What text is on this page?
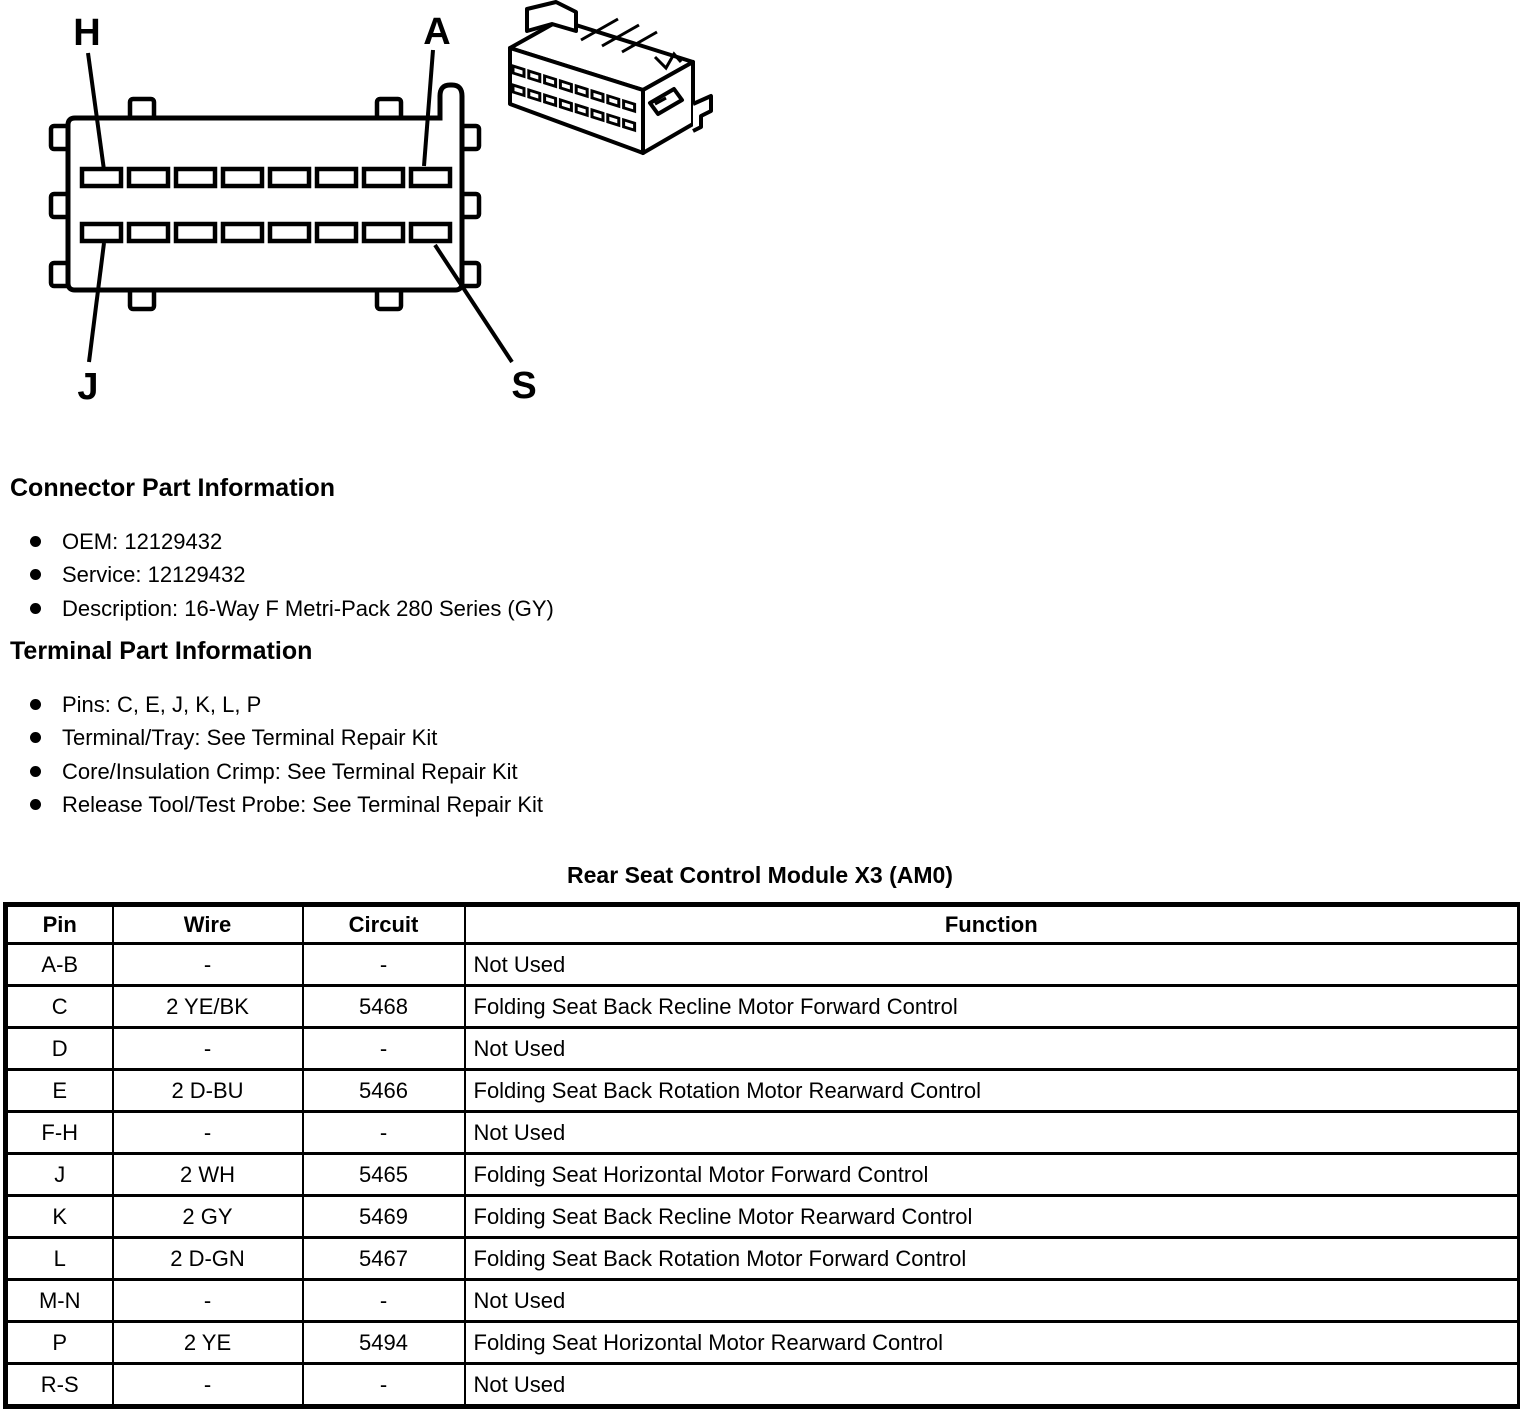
H	A
J	S
Connector Part Information
OEM: 12129432
Service: 12129432
Description: 16-Way F Metri-Pack 280 Series (GY)
Terminal Part Information
Pins: C, E, J, K, L, P
Terminal/Tray: See Terminal Repair Kit
Core/Insulation Crimp: See Terminal Repair Kit
Release Tool/Test Probe: See Terminal Repair Kit
Rear Seat Control Module X3 (AM0)
Pin	Wire	Circuit	Function
A-B	-	-	Not Used
C	2 YE/BK	5468	Folding Seat Back Recline Motor Forward Control
D	-	-	Not Used
E	2 D-BU	5466	Folding Seat Back Rotation Motor Rearward Control
F-H	-	-	Not Used
J	2 WH	5465	Folding Seat Horizontal Motor Forward Control
K	2 GY	5469	Folding Seat Back Recline Motor Rearward Control
L	2 D-GN	5467	Folding Seat Back Rotation Motor Forward Control
M-N	-	-	Not Used
P	2 YE	5494	Folding Seat Horizontal Motor Rearward Control
R-S	-	-	Not Used
